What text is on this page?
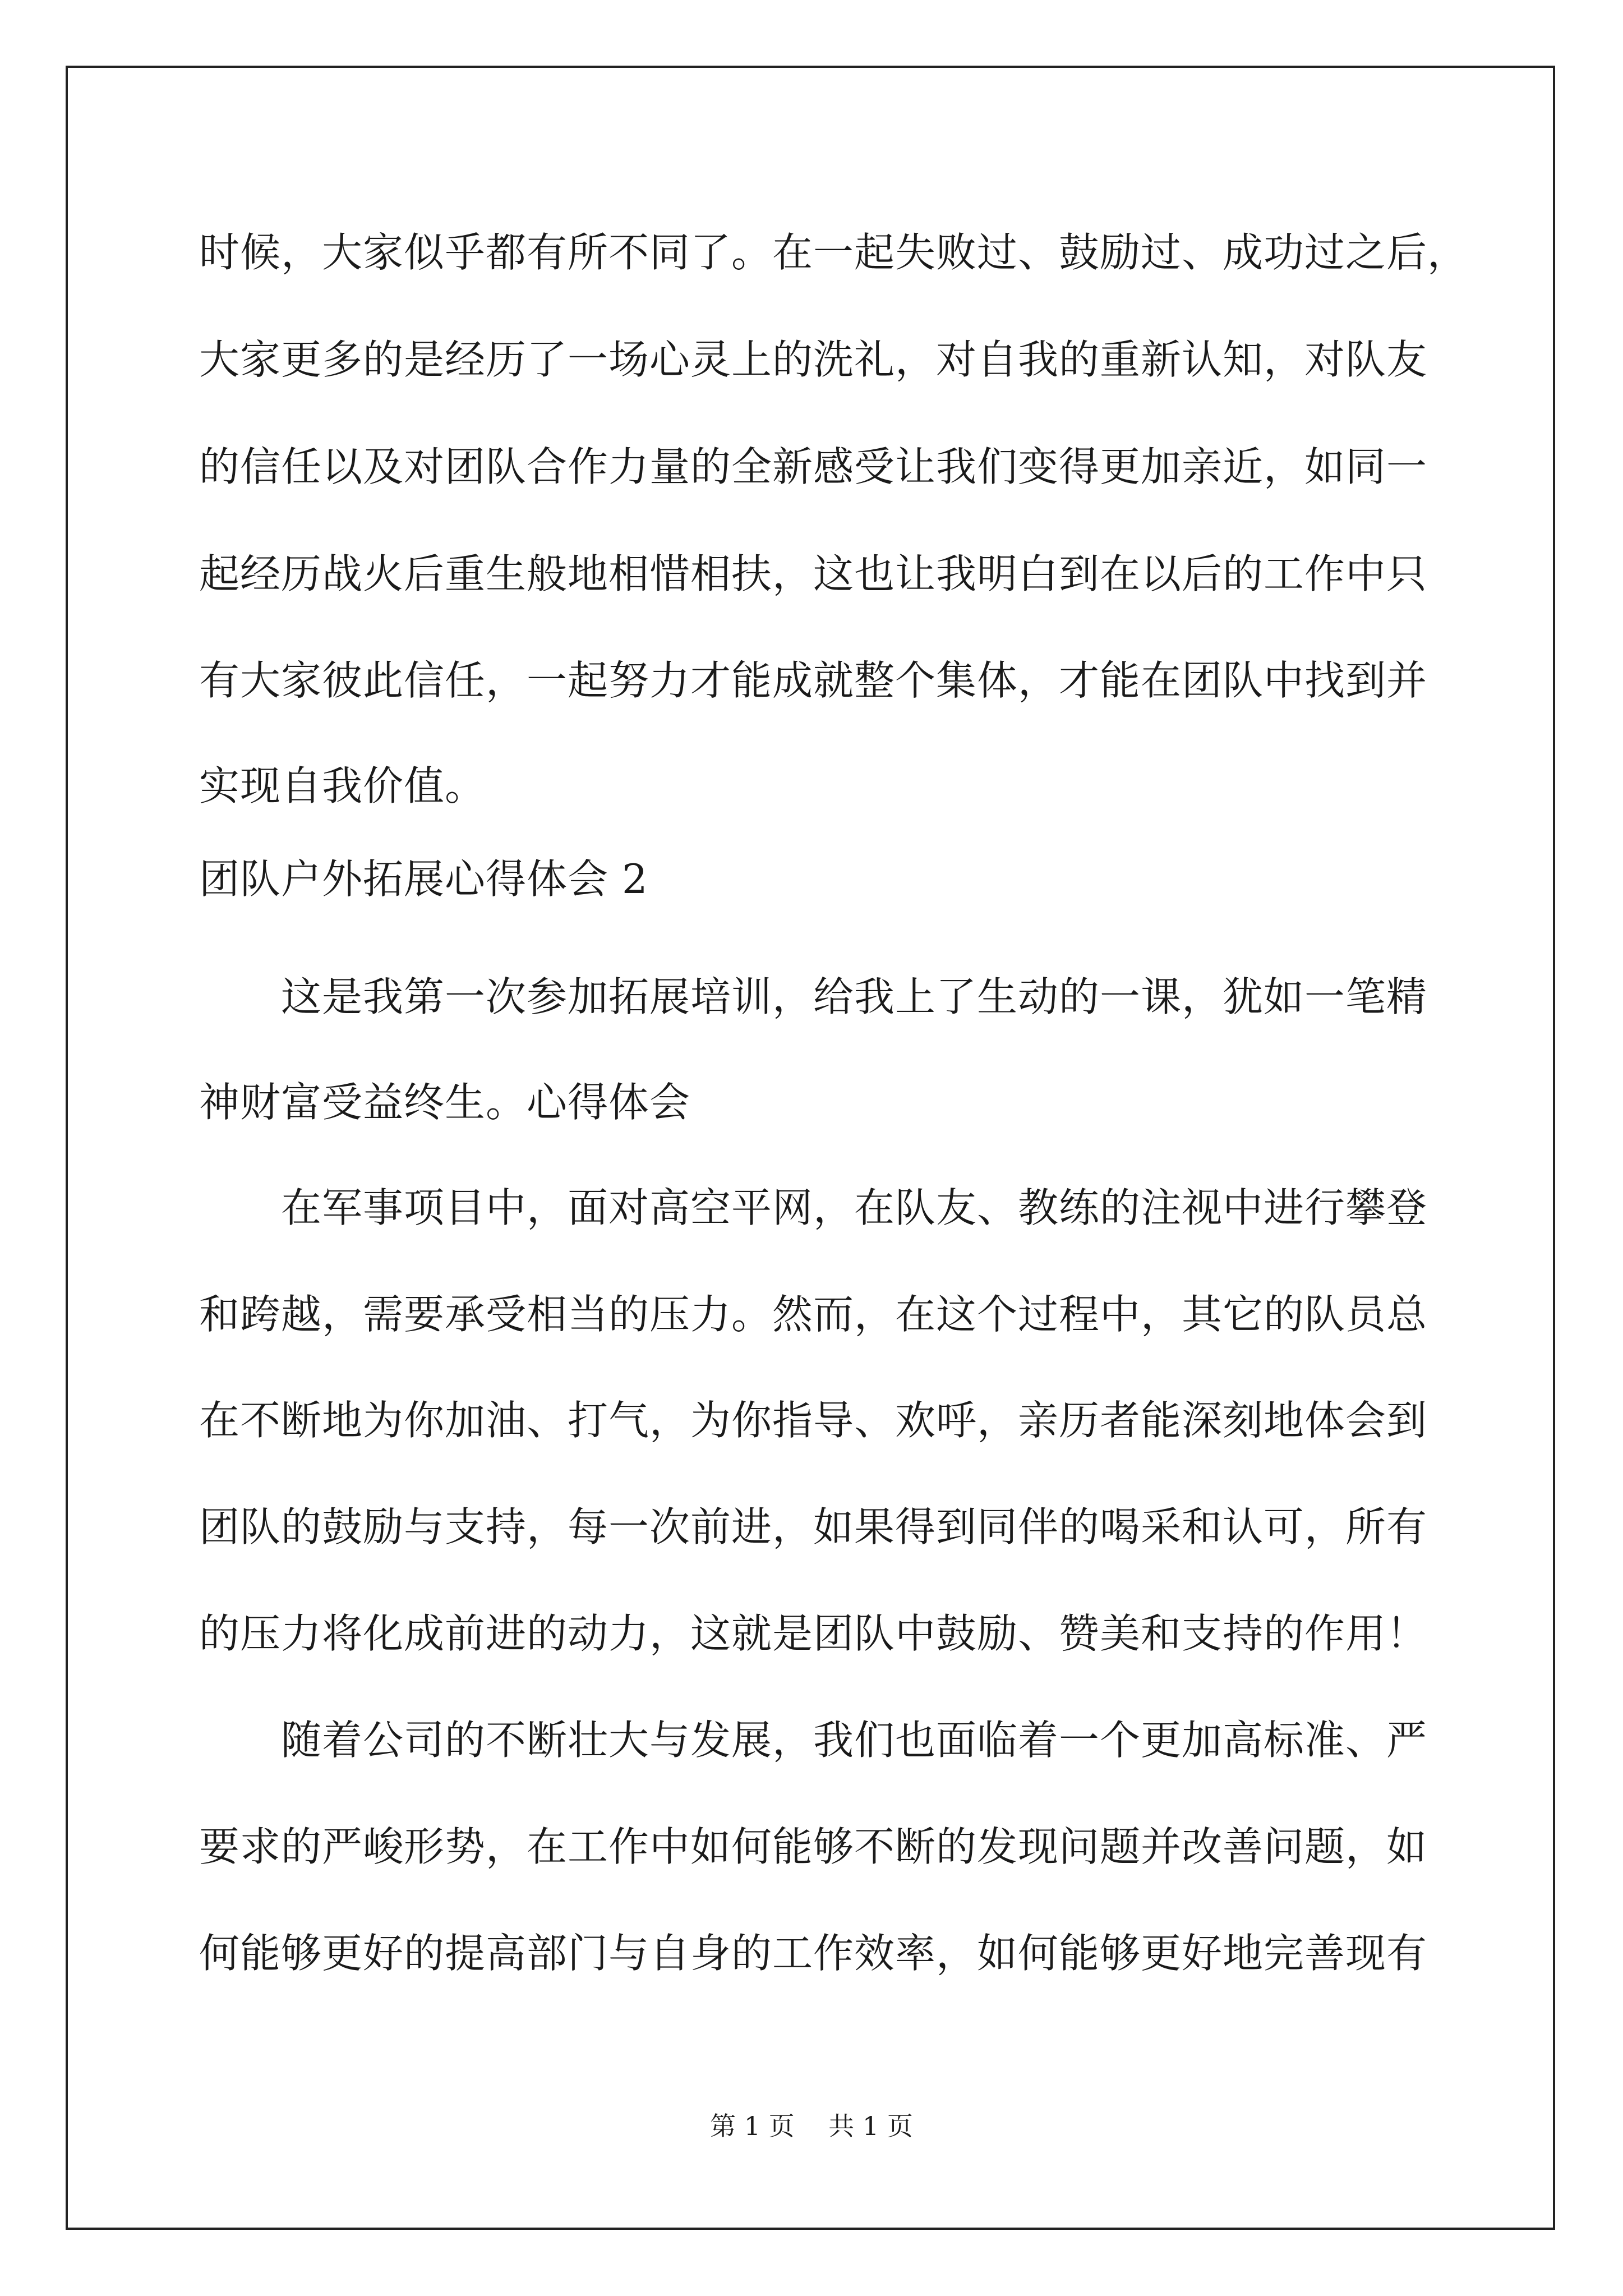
时候，大家似乎都有所不同了。在一起失败过、鼓励过、成功过之后，
大家更多的是经历了一场心灵上的洗礼，对自我的重新认知，对队友
的信任以及对团队合作力量的全新感受让我们变得更加亲近，如同一
起经历战火后重生般地相惜相扶，这也让我明白到在以后的工作中只
有大家彼此信任，一起努力才能成就整个集体，才能在团队中找到并
实现自我价值。
团队户外拓展心得体会 2
　　这是我第一次参加拓展培训，给我上了生动的一课，犹如一笔精
神财富受益终生。心得体会
　　在军事项目中，面对高空平网，在队友、教练的注视中进行攀登
和跨越，需要承受相当的压力。然而，在这个过程中，其它的队员总
在不断地为你加油、打气，为你指导、欢呼，亲历者能深刻地体会到
团队的鼓励与支持，每一次前进，如果得到同伴的喝采和认可，所有
的压力将化成前进的动力，这就是团队中鼓励、赞美和支持的作用！
　　随着公司的不断壮大与发展，我们也面临着一个更加高标准、严
要求的严峻形势，在工作中如何能够不断的发现问题并改善问题，如
何能够更好的提高部门与自身的工作效率，如何能够更好地完善现有
第 1 页　 共 1 页
